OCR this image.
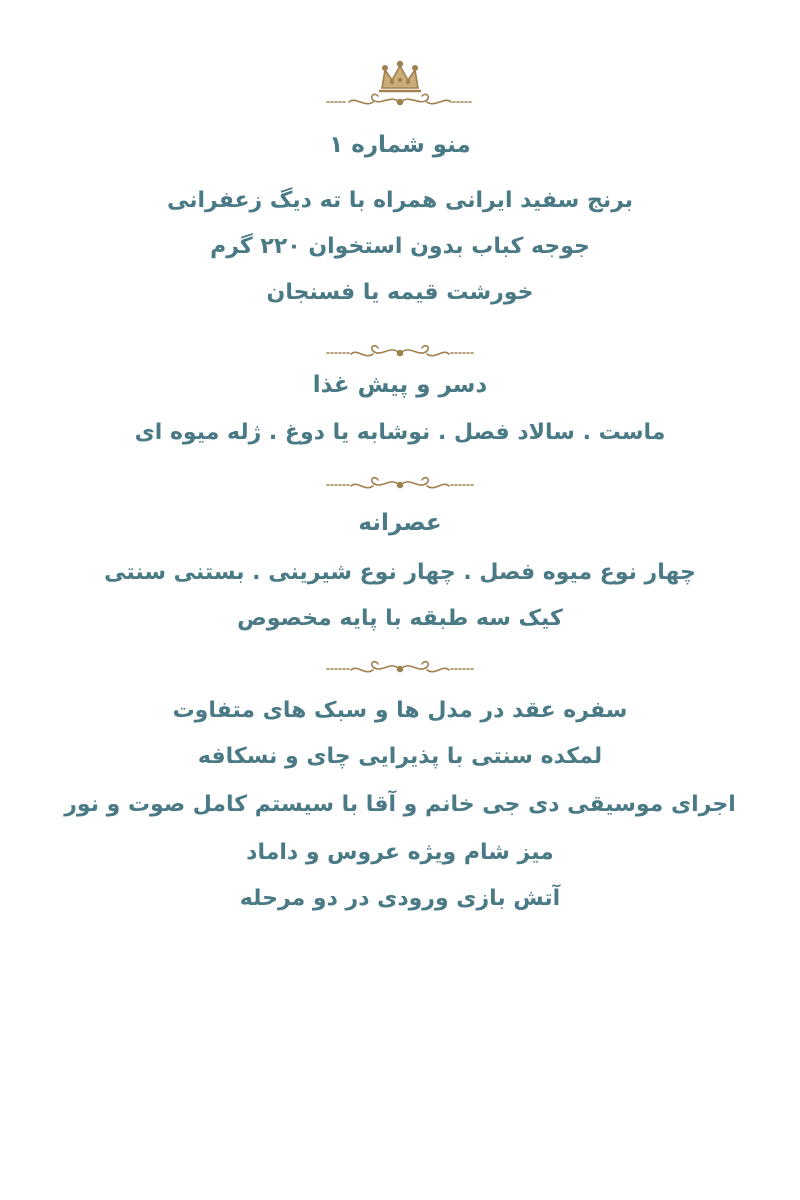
منو شماره ۱
برنج سفید ایرانی همراه با ته دیگ زعفرانی
جوجه کباب بدون استخوان ۲۲۰ گرم
خورشت قیمه یا فسنجان
دسر و پیش غذا
ماست . سالاد فصل . نوشابه یا دوغ . ژله میوه ای
عصرانه
چهار نوع میوه فصل . چهار نوع شیرینی . بستنی سنتی
کیک سه طبقه با پایه مخصوص
سفره عقد در مدل ها و سبک های متفاوت
لمکده سنتی با پذیرایی چای و نسکافه
اجرای موسیقی دی جی خانم و آقا با سیستم کامل صوت و نور
میز شام ویژه عروس و داماد
آتش بازی ورودی در دو مرحله
